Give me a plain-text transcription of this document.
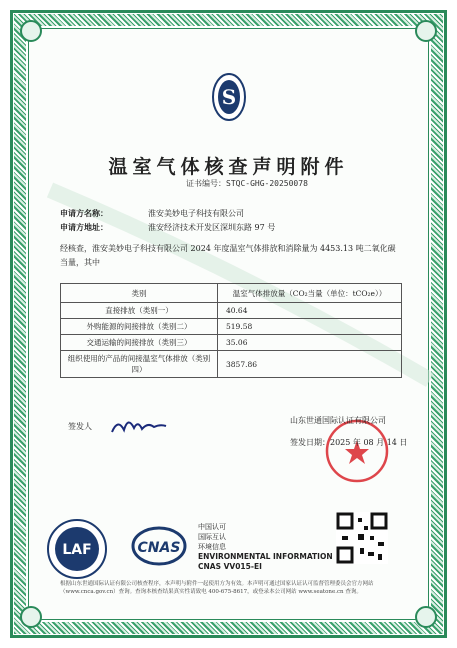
S
温室气体核查声明附件
证书编号：STQC-GHG-20250078
申请方名称：	淮安美妙电子科技有限公司
申请方地址：	淮安经济技术开发区深圳东路 97 号
经核查，淮安美妙电子科技有限公司 2024 年度温室气体排放和消除量为 4453.13 吨二氧化碳当量，其中
类别	温室气体排放量（CO₂当量（单位：tCO₂e））
直接排放（类别一）	40.64
外购能源的间接排放（类别二）	519.58
交通运输的间接排放（类别三）	35.06
组织使用的产品的间接温室气体排放（类别四）	3857.86
签发人
山东世通国际认证有限公司
签发日期：2025 年 08 月 14 日
LAF	CNAS
中国认可
国际互认
环境信息
ENVIRONMENTAL INFORMATION
CNAS VV015-EI
根据山东世通国际认证有限公司核查程序，本声明与附件一起使用方为有效。本声明可通过国家认证认可监督管理委员会官方网站（www.cnca.gov.cn）查询。查询本核查结果真实性请致电 400-675-8617，或登录本公司网站 www.seatone.cn 查询。
